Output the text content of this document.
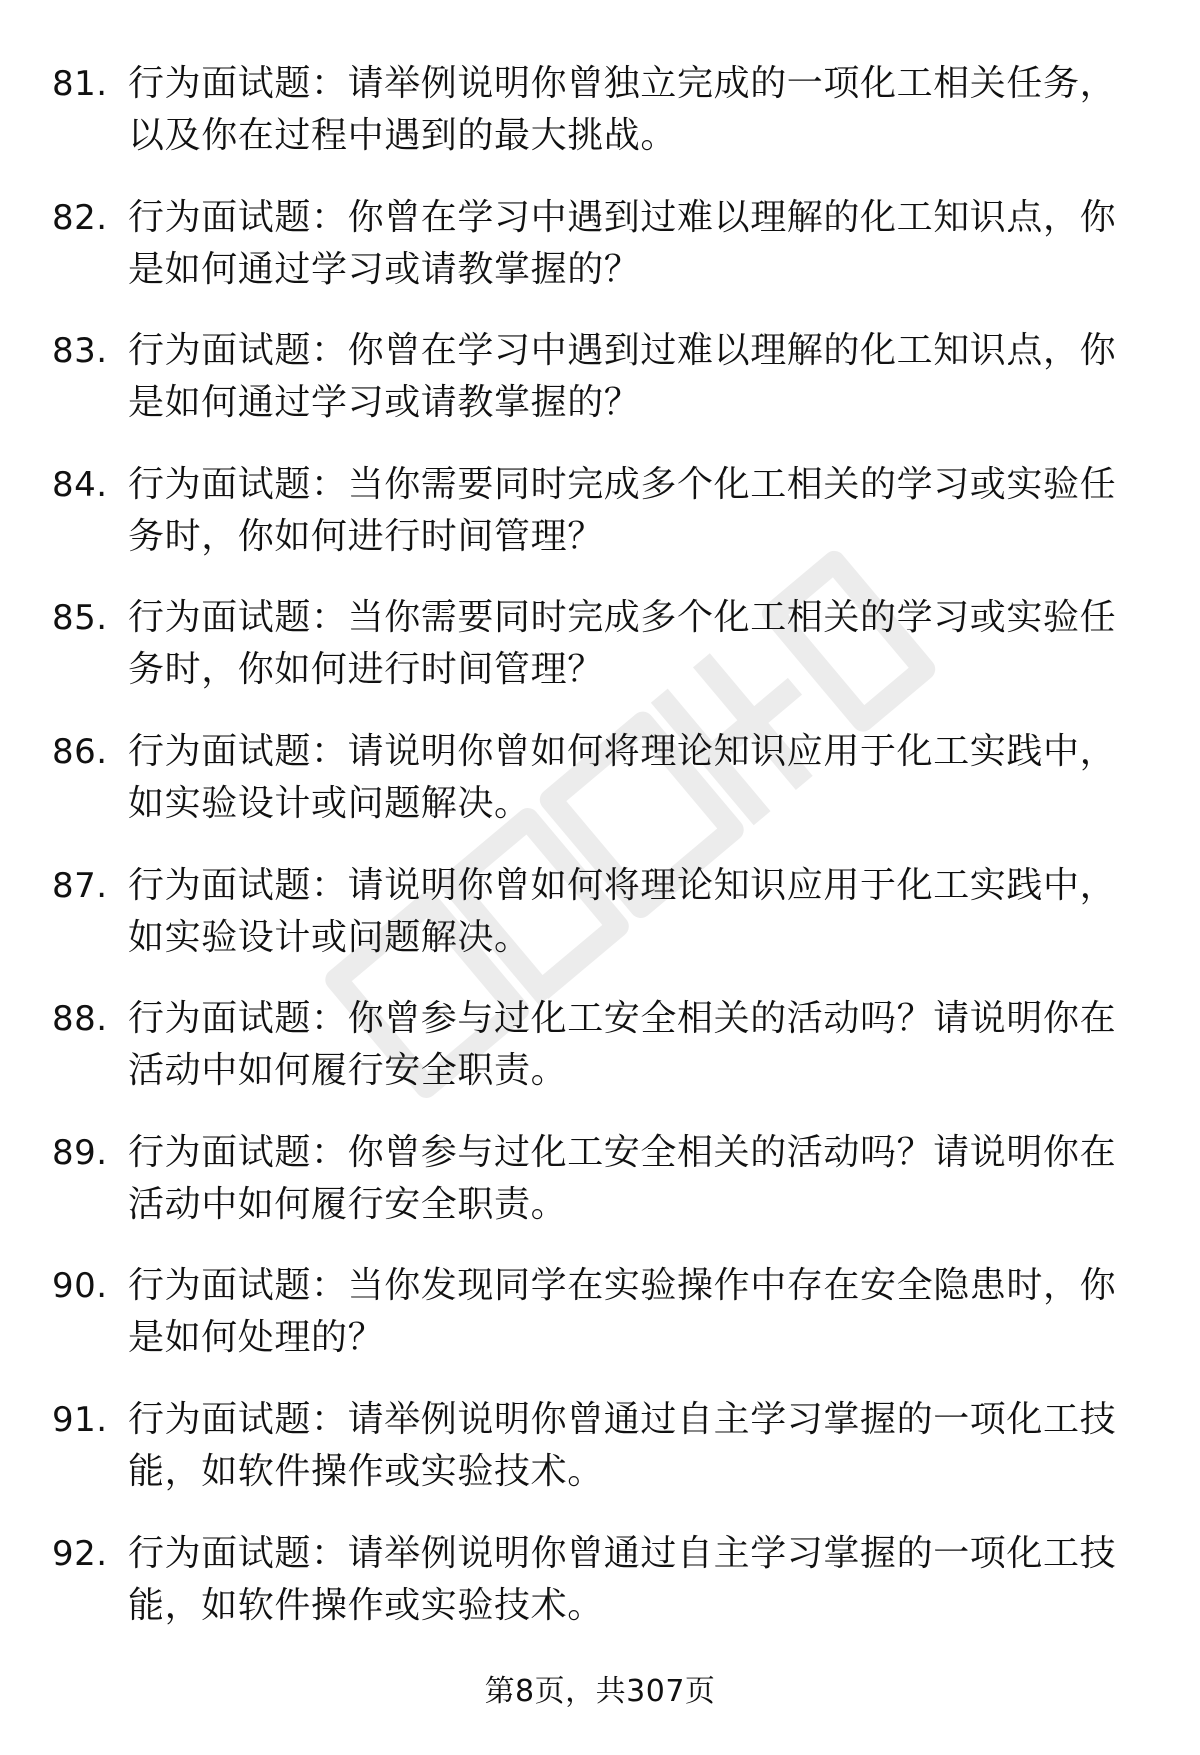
81. 行为面试题：请举例说明你曾独立完成的一项化工相关任务，以及你在过程中遇到的最大挑战。
82. 行为面试题：你曾在学习中遇到过难以理解的化工知识点，你是如何通过学习或请教掌握的？
83. 行为面试题：你曾在学习中遇到过难以理解的化工知识点，你是如何通过学习或请教掌握的？
84. 行为面试题：当你需要同时完成多个化工相关的学习或实验任务时，你如何进行时间管理？
85. 行为面试题：当你需要同时完成多个化工相关的学习或实验任务时，你如何进行时间管理？
86. 行为面试题：请说明你曾如何将理论知识应用于化工实践中，如实验设计或问题解决。
87. 行为面试题：请说明你曾如何将理论知识应用于化工实践中，如实验设计或问题解决。
88. 行为面试题：你曾参与过化工安全相关的活动吗？请说明你在活动中如何履行安全职责。
89. 行为面试题：你曾参与过化工安全相关的活动吗？请说明你在活动中如何履行安全职责。
90. 行为面试题：当你发现同学在实验操作中存在安全隐患时，你是如何处理的？
91. 行为面试题：请举例说明你曾通过自主学习掌握的一项化工技能，如软件操作或实验技术。
92. 行为面试题：请举例说明你曾通过自主学习掌握的一项化工技能，如软件操作或实验技术。
第8页，共307页
